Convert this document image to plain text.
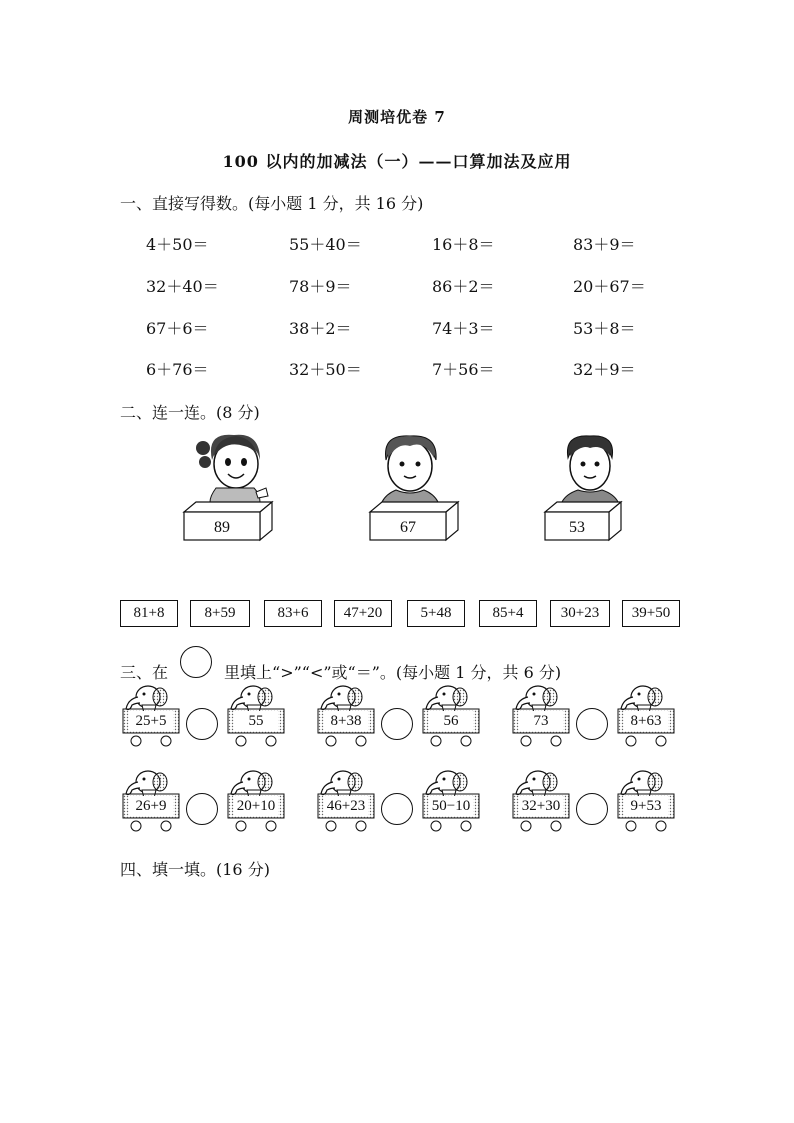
周测培优卷 7
100 以内的加减法（一）——口算加法及应用
一、直接写得数。(每小题 1 分，共 16 分)
4＋50＝	55＋40＝	16＋8＝	83＋9＝
32＋40＝	78＋9＝	86＋2＝	20＋67＝
67＋6＝	38＋2＝	74＋3＝	53＋8＝
6＋76＝	32＋50＝	7＋56＝	32＋9＝
二、连一连。(8 分)
89	67	53
81+8	8+59	83+6	47+20	5+48	85+4	30+23	39+50
三、在	里填上“>”“<”或“＝”。(每小题 1 分，共 6 分)
25+5	55	8+38	56	73	8+63
26+9	20+10	46+23	50−10	32+30	9+53
四、填一填。(16 分)
